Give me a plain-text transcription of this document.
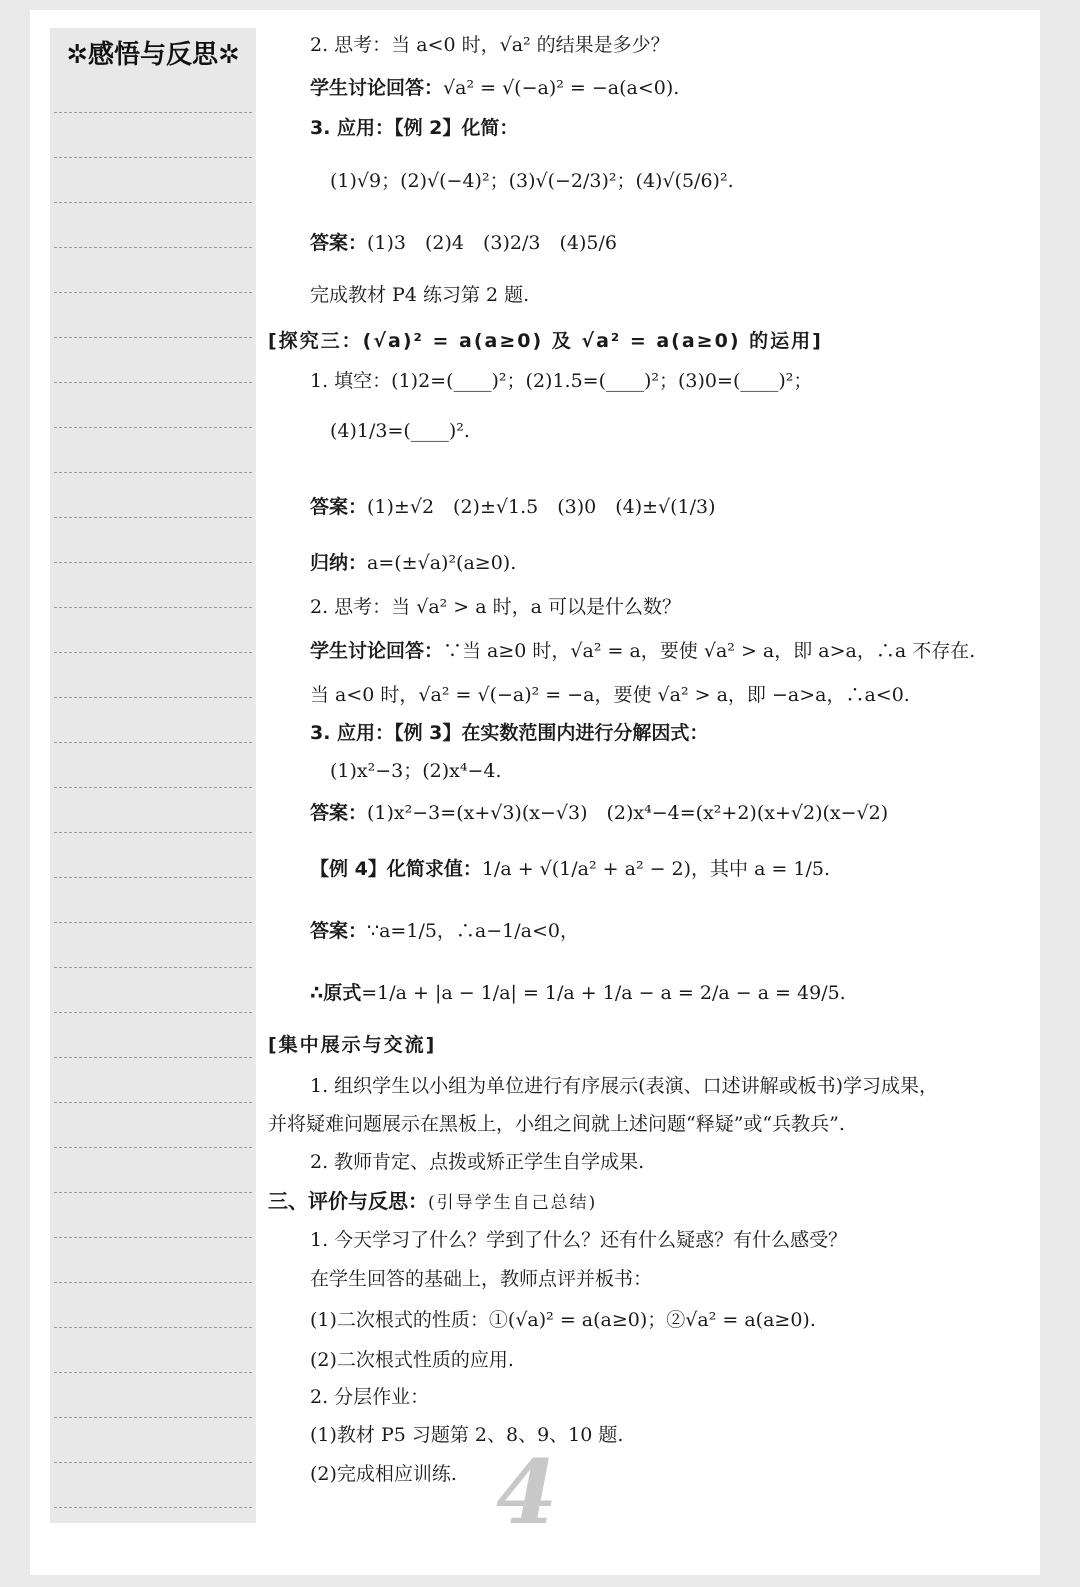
✲感悟与反思✲	2. 思考：当 a<0 时，√a² 的结果是多少？
学生讨论回答：√a² = √(−a)² = −a(a<0).
3. 应用：【例 2】化简：
(1)√9；(2)√(−4)²；(3)√(−2/3)²；(4)√(5/6)².
答案：(1)3　(2)4　(3)2/3　(4)5/6
完成教材 P4 练习第 2 题.
[探究三：(√a)² = a(a≥0) 及 √a² = a(a≥0) 的运用]
1. 填空：(1)2=(____)²；(2)1.5=(____)²；(3)0=(____)²；
(4)1/3=(____)².
答案：(1)±√2　(2)±√1.5　(3)0　(4)±√(1/3)
归纳：a=(±√a)²(a≥0).
2. 思考：当 √a² > a 时，a 可以是什么数？
学生讨论回答：∵当 a≥0 时，√a² = a，要使 √a² > a，即 a>a，∴a 不存在.
当 a<0 时，√a² = √(−a)² = −a，要使 √a² > a，即 −a>a，∴a<0.
3. 应用：【例 3】在实数范围内进行分解因式：
(1)x²−3；(2)x⁴−4.
答案：(1)x²−3=(x+√3)(x−√3)　(2)x⁴−4=(x²+2)(x+√2)(x−√2)
【例 4】化简求值：1/a + √(1/a² + a² − 2)，其中 a = 1/5.
答案：∵a=1/5，∴a−1/a<0，
∴原式=1/a + |a − 1/a| = 1/a + 1/a − a = 2/a − a = 49/5.
[集中展示与交流]
1. 组织学生以小组为单位进行有序展示(表演、口述讲解或板书)学习成果，
并将疑难问题展示在黑板上，小组之间就上述问题“释疑”或“兵教兵”.
2. 教师肯定、点拨或矫正学生自学成果.
三、评价与反思：(引导学生自己总结)
1. 今天学习了什么？学到了什么？还有什么疑惑？有什么感受？
在学生回答的基础上，教师点评并板书：
(1)二次根式的性质：①(√a)² = a(a≥0)；②√a² = a(a≥0).
(2)二次根式性质的应用.
2. 分层作业：
(1)教材 P5 习题第 2、8、9、10 题.
(2)完成相应训练. 4
